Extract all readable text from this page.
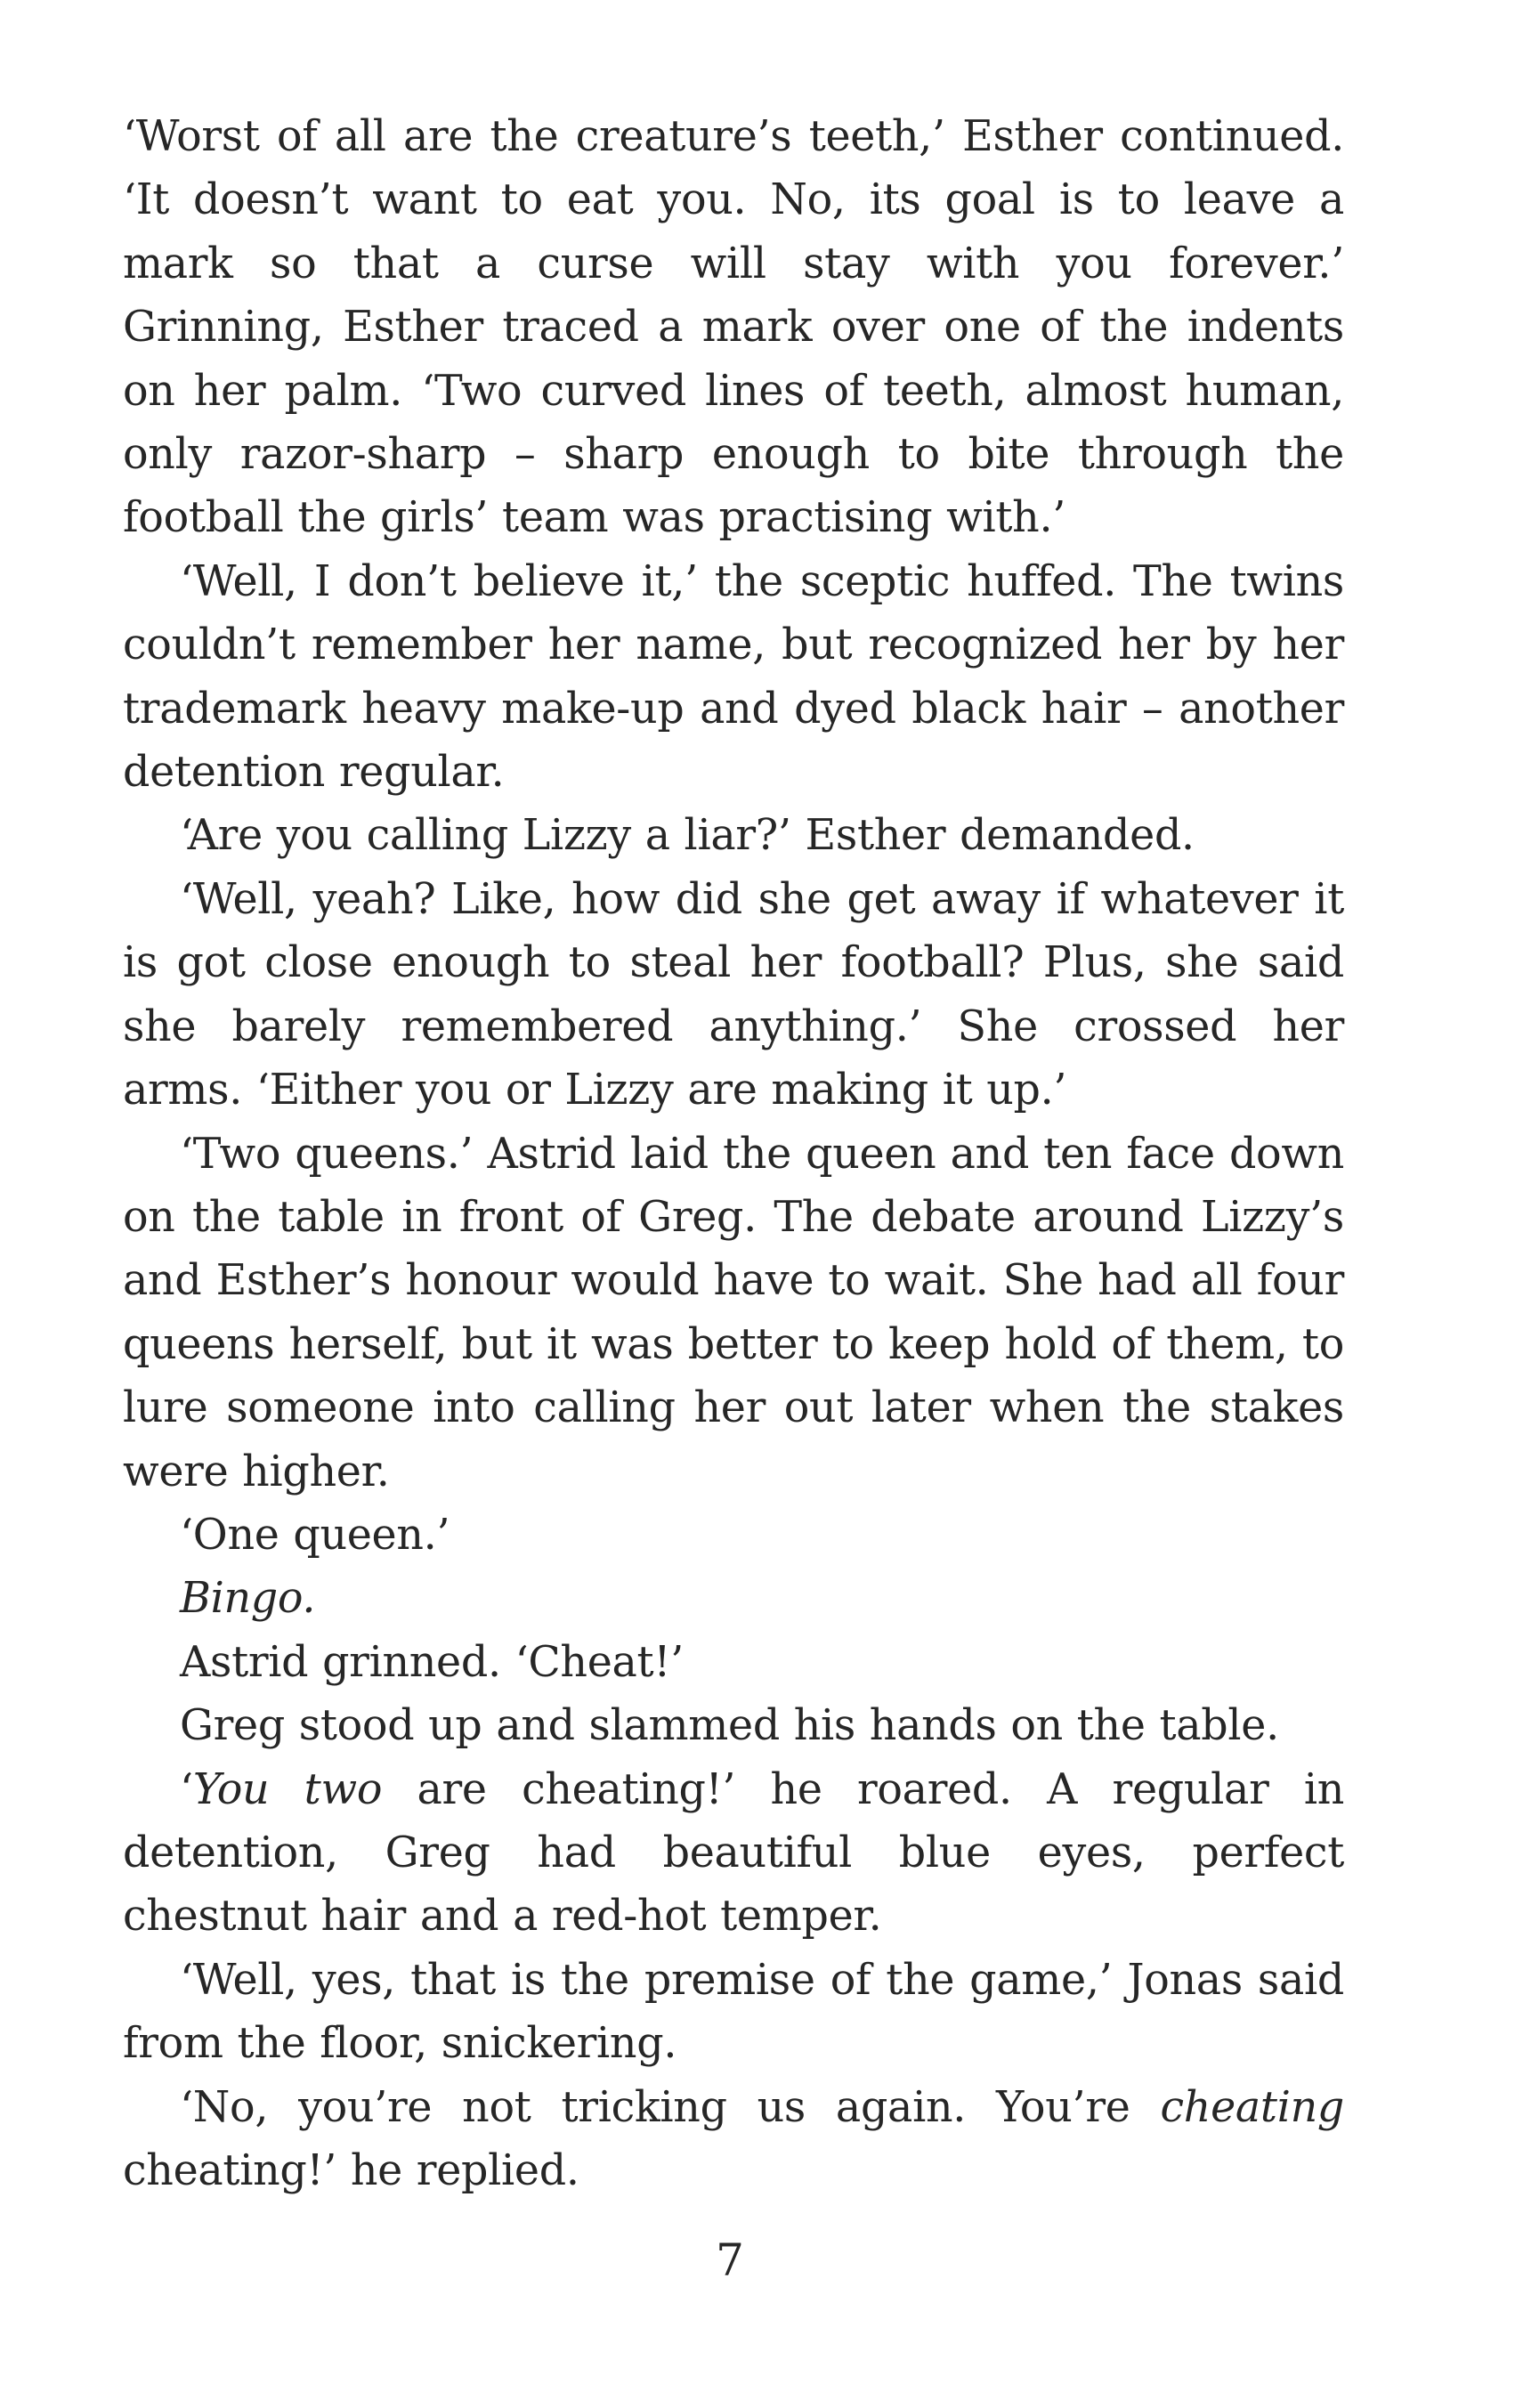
‘Worst of all are the creature’s teeth,’ Esther continued. ‘It doesn’t want to eat you. No, its goal is to leave a mark so that a curse will stay with you forever.’ Grinning, Esther traced a mark over one of the indents on her palm. ‘Two curved lines of teeth, almost human, only razor-sharp – sharp enough to bite through the football the girls’ team was practising with.’

‘Well, I don’t believe it,’ the sceptic huffed. The twins couldn’t remember her name, but recognized her by her trademark heavy make-up and dyed black hair – another detention regular.

‘Are you calling Lizzy a liar?’ Esther demanded.

‘Well, yeah? Like, how did she get away if whatever it is got close enough to steal her football? Plus, she said she barely remembered anything.’ She crossed her arms. ‘Either you or Lizzy are making it up.’

‘Two queens.’ Astrid laid the queen and ten face down on the table in front of Greg. The debate around Lizzy’s and Esther’s honour would have to wait. She had all four queens herself, but it was better to keep hold of them, to lure someone into calling her out later when the stakes were higher.

‘One queen.’

Bingo.

Astrid grinned. ‘Cheat!’

Greg stood up and slammed his hands on the table.

‘You two are cheating!’ he roared. A regular in detention, Greg had beautiful blue eyes, perfect chestnut hair and a red-hot temper.

‘Well, yes, that is the premise of the game,’ Jonas said from the floor, snickering.

‘No, you’re not tricking us again. You’re cheating cheating!’ he replied.

7
